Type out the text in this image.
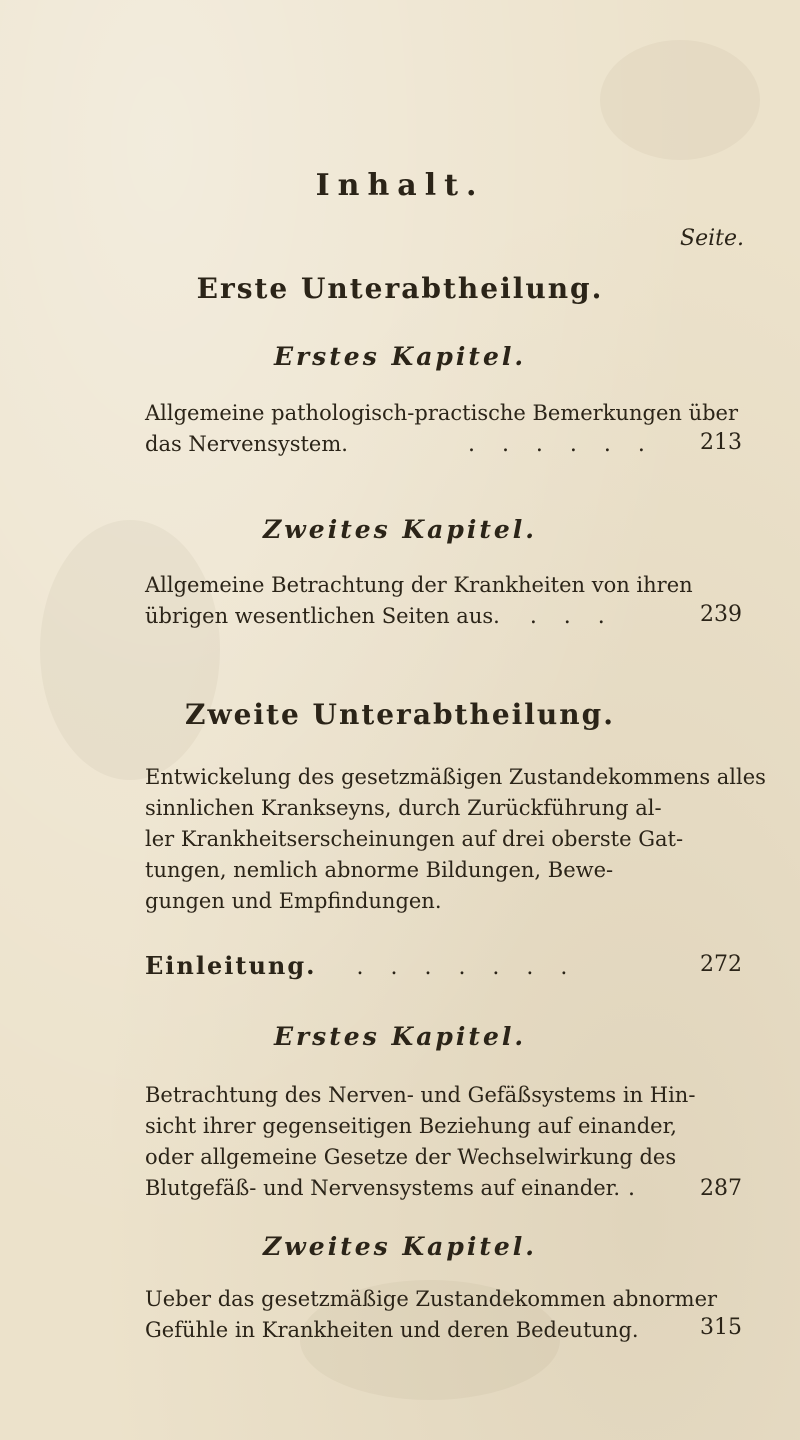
Inhalt.
Seite.
Erste Unterabtheilung.
Erstes Kapitel.
Allgemeine pathologisch-practische Bemerkungen über
das Nervensystem.	. . . . . .	213
Zweites Kapitel.
Allgemeine Betrachtung der Krankheiten von ihren
übrigen wesentlichen Seiten aus. . . .	239
Zweite Unterabtheilung.
Entwickelung des gesetzmäßigen Zustandekommens alles
sinnlichen Krankseyns, durch Zurückführung al-
ler Krankheitserscheinungen auf drei oberste Gat-
tungen, nemlich abnorme Bildungen, Bewe-
gungen und Empfindungen.
Einleitung. . . . . . . .	272
Erstes Kapitel.
Betrachtung des Nerven- und Gefäßsystems in Hin-
sicht ihrer gegenseitigen Beziehung auf einander,
oder allgemeine Gesetze der Wechselwirkung des
Blutgefäß- und Nervensystems auf einander. .	287
Zweites Kapitel.
Ueber das gesetzmäßige Zustandekommen abnormer
Gefühle in Krankheiten und deren Bedeutung.	315
